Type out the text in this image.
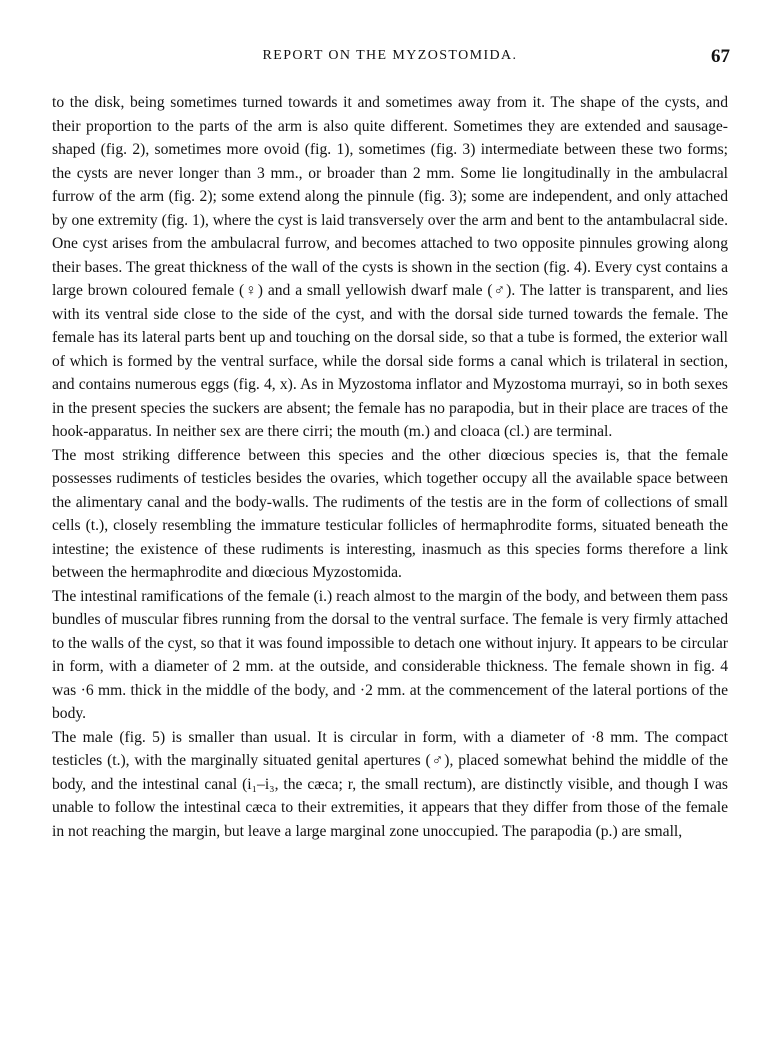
REPORT ON THE MYZOSTOMIDA.	67

to the disk, being sometimes turned towards it and sometimes away from it. The shape of the cysts, and their proportion to the parts of the arm is also quite different. Sometimes they are extended and sausage-shaped (fig. 2), sometimes more ovoid (fig. 1), sometimes (fig. 3) intermediate between these two forms; the cysts are never longer than 3 mm., or broader than 2 mm. Some lie longitudinally in the ambulacral furrow of the arm (fig. 2); some extend along the pinnule (fig. 3); some are independent, and only attached by one extremity (fig. 1), where the cyst is laid transversely over the arm and bent to the antambulacral side. One cyst arises from the ambulacral furrow, and becomes attached to two opposite pinnules growing along their bases. The great thickness of the wall of the cysts is shown in the section (fig. 4). Every cyst contains a large brown coloured female (♀) and a small yellowish dwarf male (♂). The latter is transparent, and lies with its ventral side close to the side of the cyst, and with the dorsal side turned towards the female. The female has its lateral parts bent up and touching on the dorsal side, so that a tube is formed, the exterior wall of which is formed by the ventral surface, while the dorsal side forms a canal which is trilateral in section, and contains numerous eggs (fig. 4, x). As in Myzostoma inflator and Myzostoma murrayi, so in both sexes in the present species the suckers are absent; the female has no parapodia, but in their place are traces of the hook-apparatus. In neither sex are there cirri; the mouth (m.) and cloaca (cl.) are terminal.

The most striking difference between this species and the other diœcious species is, that the female possesses rudiments of testicles besides the ovaries, which together occupy all the available space between the alimentary canal and the body-walls. The rudiments of the testis are in the form of collections of small cells (t.), closely resembling the immature testicular follicles of hermaphrodite forms, situated beneath the intestine; the existence of these rudiments is interesting, inasmuch as this species forms therefore a link between the hermaphrodite and diœcious Myzostomida.

The intestinal ramifications of the female (i.) reach almost to the margin of the body, and between them pass bundles of muscular fibres running from the dorsal to the ventral surface. The female is very firmly attached to the walls of the cyst, so that it was found impossible to detach one without injury. It appears to be circular in form, with a diameter of 2 mm. at the outside, and considerable thickness. The female shown in fig. 4 was ·6 mm. thick in the middle of the body, and ·2 mm. at the commencement of the lateral portions of the body.

The male (fig. 5) is smaller than usual. It is circular in form, with a diameter of ·8 mm. The compact testicles (t.), with the marginally situated genital apertures (♂), placed somewhat behind the middle of the body, and the intestinal canal (i₁–i₃, the cæca; r, the small rectum), are distinctly visible, and though I was unable to follow the intestinal cæca to their extremities, it appears that they differ from those of the female in not reaching the margin, but leave a large marginal zone unoccupied. The parapodia (p.) are small,
